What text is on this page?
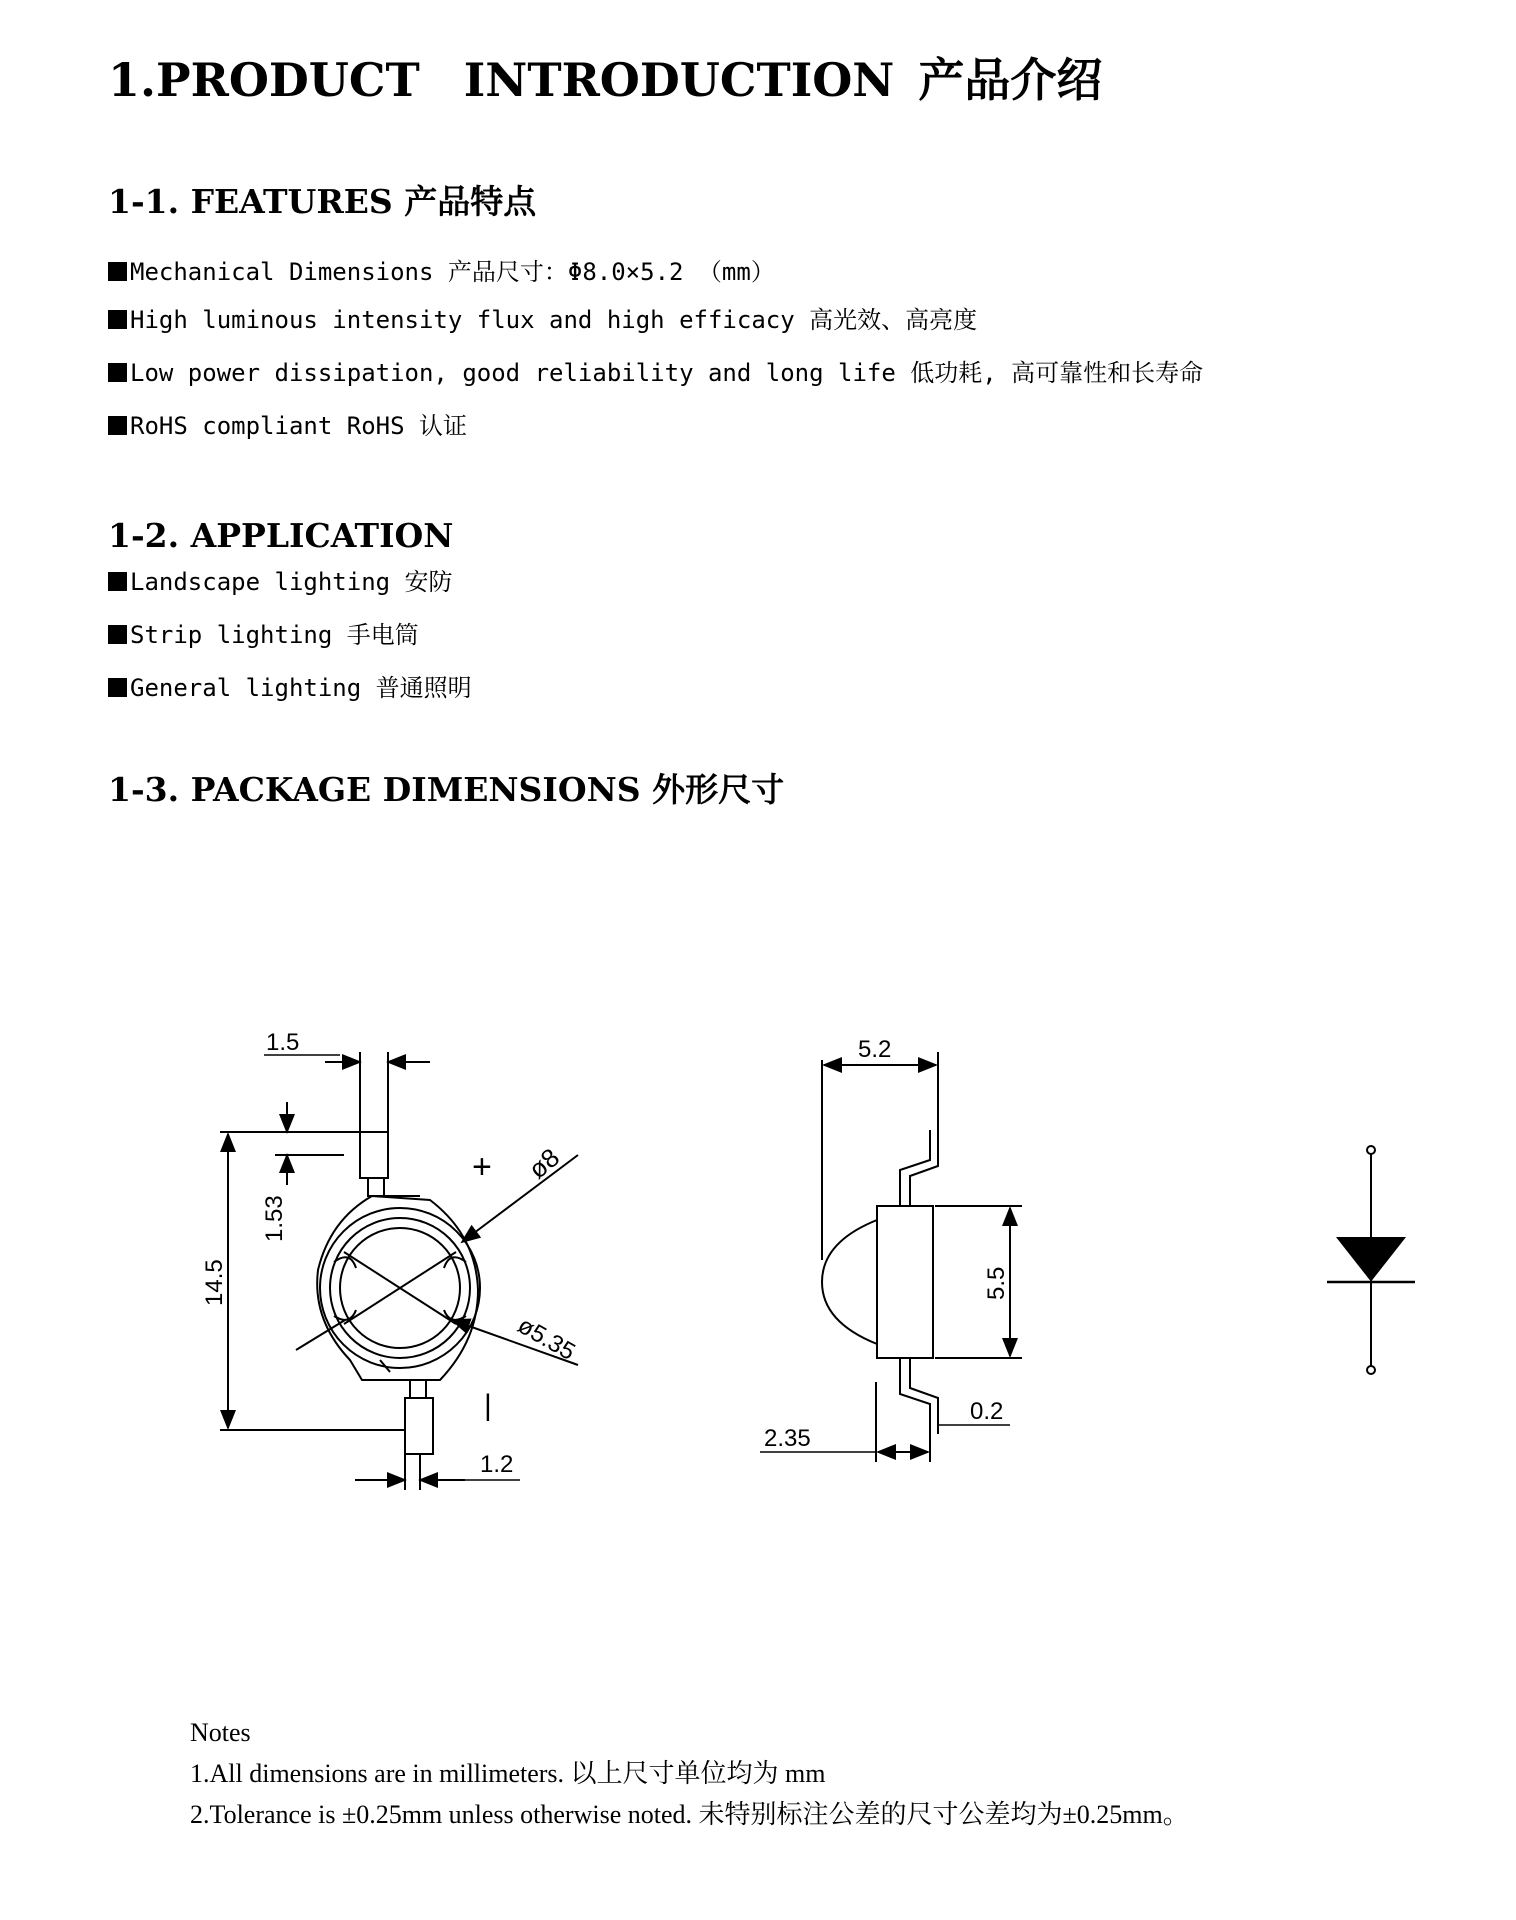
1.PRODUCT INTRODUCTION 产品介绍
1-1. FEATURES 产品特点
Mechanical Dimensions 产品尺寸：Φ8.0×5.2 （mm）
High luminous intensity flux and high efficacy 高光效、高亮度
Low power dissipation, good reliability and long life 低功耗, 高可靠性和长寿命
RoHS compliant RoHS 认证
1-2. APPLICATION
Landscape lighting 安防
Strip lighting 手电筒
General lighting 普通照明
1-3. PACKAGE DIMENSIONS 外形尺寸
+
|
1.5
1.53
14.5
ø8
ø5.35
1.2
5.2
5.5
0.2
2.35
Notes
1.All dimensions are in millimeters. 以上尺寸单位均为 mm
2.Tolerance is ±0.25mm unless otherwise noted. 未特别标注公差的尺寸公差均为±0.25mm。
